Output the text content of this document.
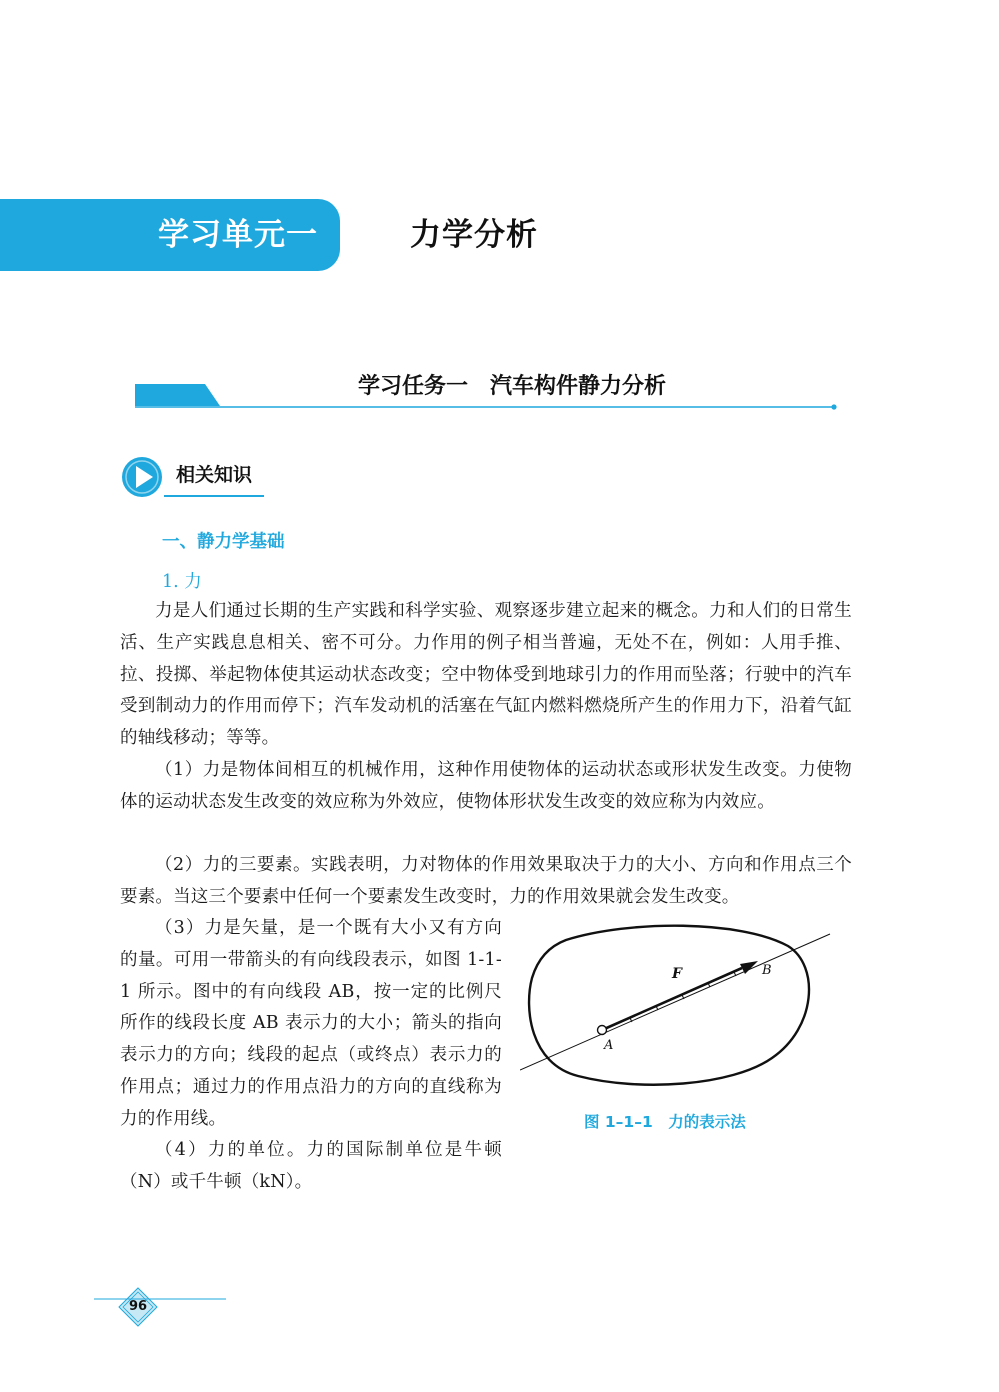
学习单元一	力学分析
学习任务一　汽车构件静力分析
相关知识
一、静力学基础
1. 力

力是人们通过长期的生产实践和科学实验、观察逐步建立起来的概念。力和人们的日常生活、生产实践息息相关、密不可分。力作用的例子相当普遍，无处不在，例如：人用手推、拉、投掷、举起物体使其运动状态改变；空中物体受到地球引力的作用而坠落；行驶中的汽车受到制动力的作用而停下；汽车发动机的活塞在气缸内燃料燃烧所产生的作用力下，沿着气缸的轴线移动；等等。

（1）力是物体间相互的机械作用，这种作用使物体的运动状态或形状发生改变。力使物体的运动状态发生改变的效应称为外效应，使物体形状发生改变的效应称为内效应。

（2）力的三要素。实践表明，力对物体的作用效果取决于力的大小、方向和作用点三个要素。当这三个要素中任何一个要素发生改变时，力的作用效果就会发生改变。

（3）力是矢量，是一个既有大小又有方向的量。可用一带箭头的有向线段表示，如图 1-1-1 所示。图中的有向线段 AB，按一定的比例尺所作的线段长度 AB 表示力的大小；箭头的指向表示力的方向；线段的起点（或终点）表示力的作用点；通过力的作用点沿力的方向的直线称为力的作用线。

（4）力的单位。力的国际制单位是牛顿（N）或千牛顿（kN）。

F	B
A
图 1–1–1　力的表示法
96
